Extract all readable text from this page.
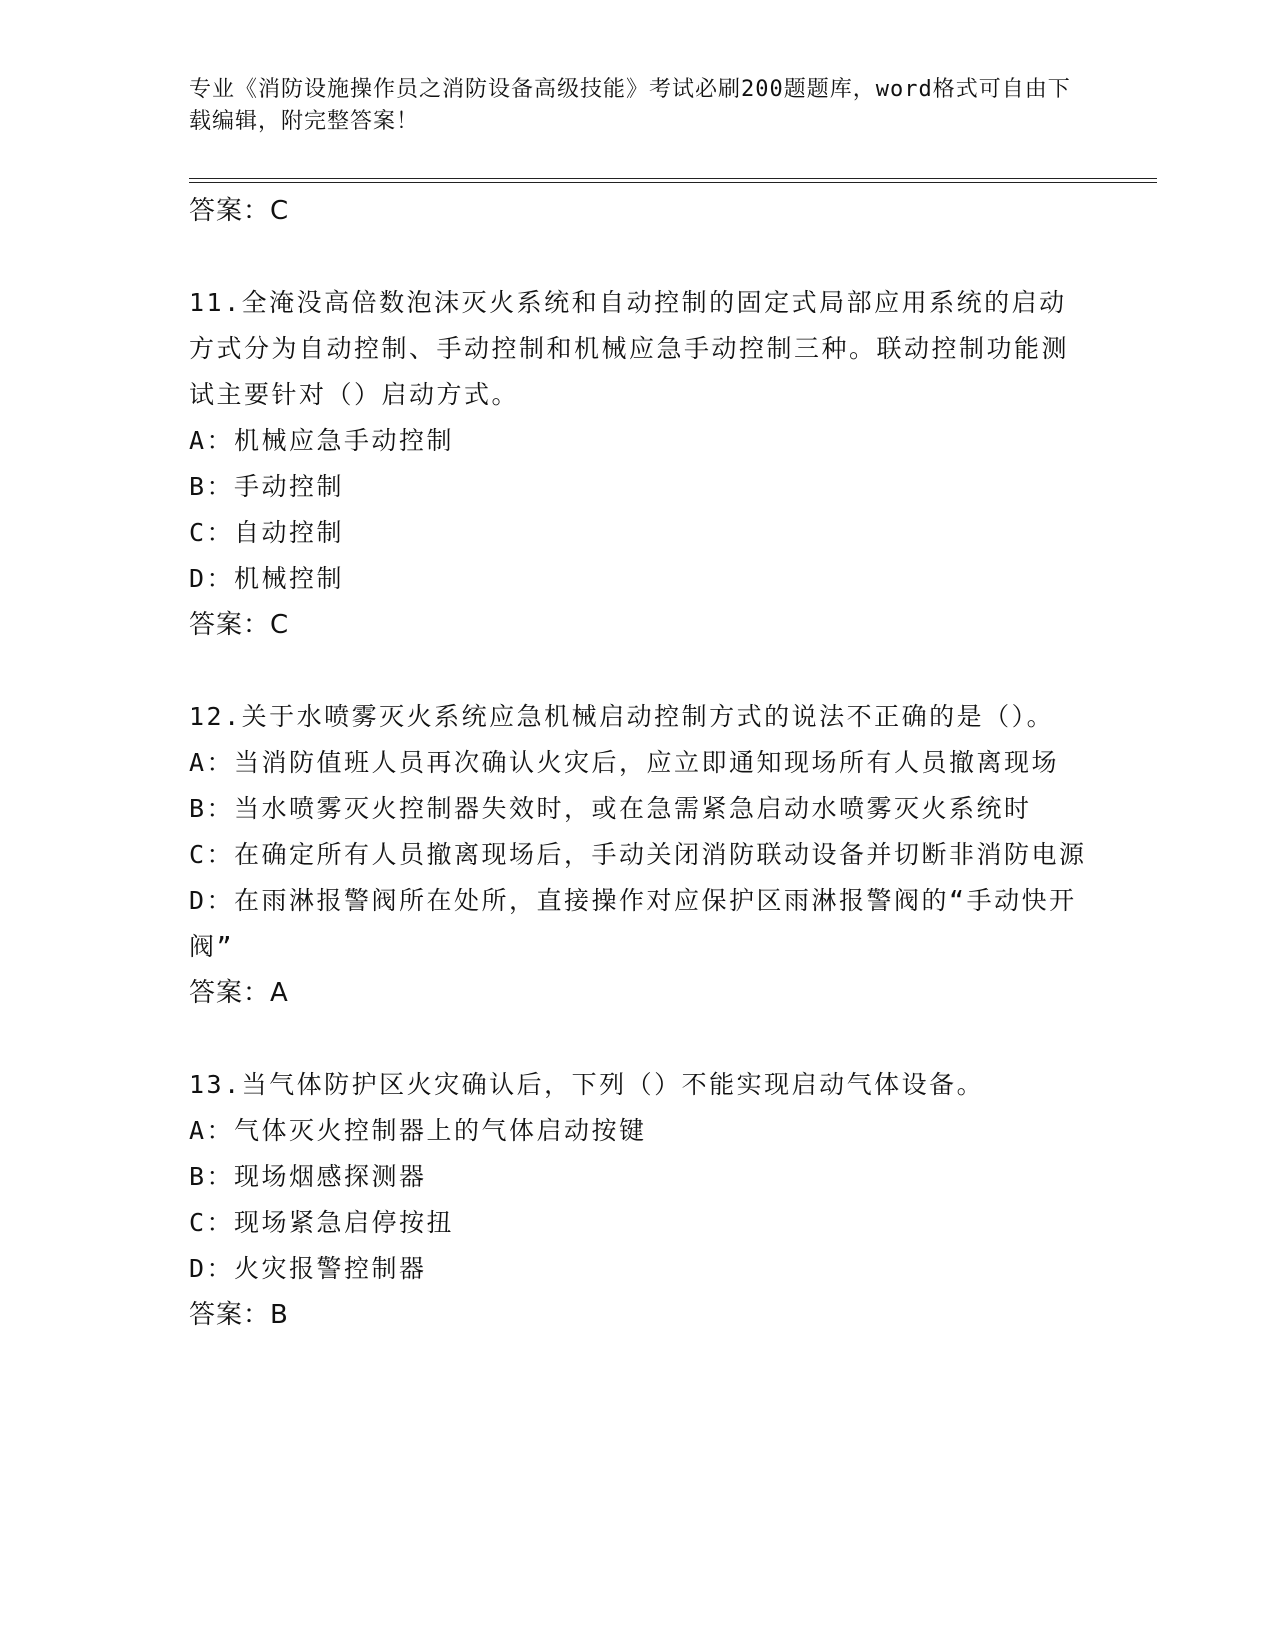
专业《消防设施操作员之消防设备高级技能》考试必刷200题题库，word格式可自由下载编辑，附完整答案！
答案：C
11.全淹没高倍数泡沫灭火系统和自动控制的固定式局部应用系统的启动方式分为自动控制、手动控制和机械应急手动控制三种。联动控制功能测试主要针对（）启动方式。
A：机械应急手动控制
B：手动控制
C：自动控制
D：机械控制
答案：C
12.关于水喷雾灭火系统应急机械启动控制方式的说法不正确的是（）。
A：当消防值班人员再次确认火灾后，应立即通知现场所有人员撤离现场
B：当水喷雾灭火控制器失效时，或在急需紧急启动水喷雾灭火系统时
C：在确定所有人员撤离现场后，手动关闭消防联动设备并切断非消防电源
D：在雨淋报警阀所在处所，直接操作对应保护区雨淋报警阀的“手动快开阀”
答案：A
13.当气体防护区火灾确认后，下列（）不能实现启动气体设备。
A：气体灭火控制器上的气体启动按键
B：现场烟感探测器
C：现场紧急启停按扭
D：火灾报警控制器
答案：B
